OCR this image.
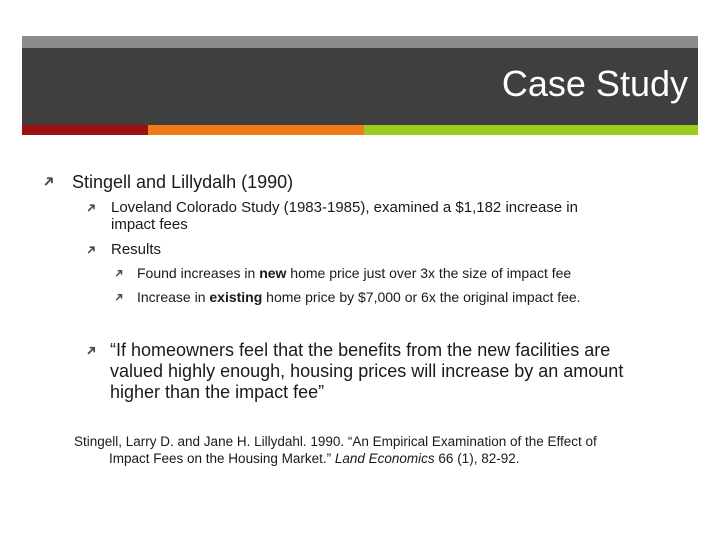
Case Study
➜ Stingell and Lillydalh (1990)
➜ Loveland Colorado Study (1983-1985), examined a $1,182 increase in
impact fees
➜ Results
➜ Found increases in new home price just over 3x the size of impact fee
➜ Increase in existing home price by $7,000 or 6x the original impact fee.
➜ “If homeowners feel that the benefits from the new facilities are
valued highly enough, housing prices will increase by an amount
higher than the impact fee”
Stingell, Larry D. and Jane H. Lillydahl. 1990. “An Empirical Examination of the Effect of
Impact Fees on the Housing Market.” Land Economics 66 (1), 82-92.
